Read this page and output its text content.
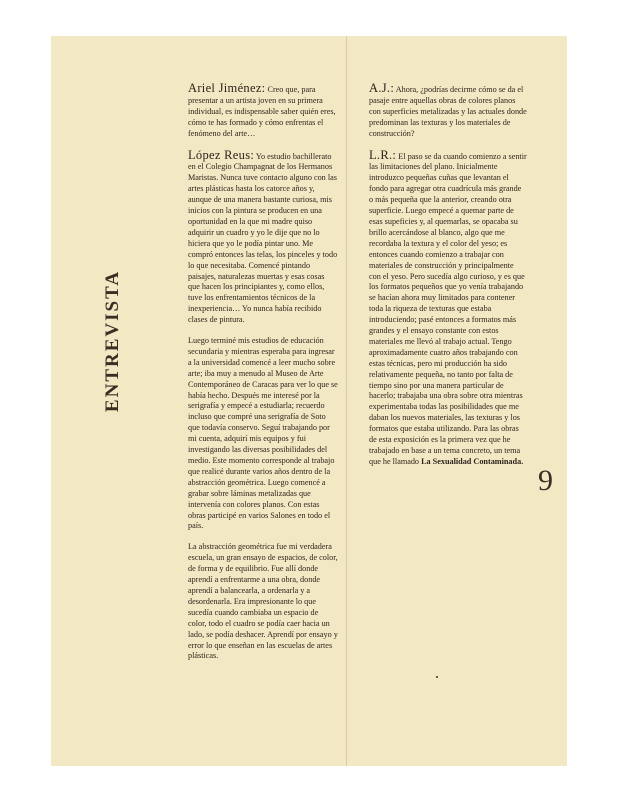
ENTREVISTA

Ariel Jiménez: Creo que, para presentar a un artista joven en su primera individual, es indispensable saber quién eres, cómo te has formado y cómo enfrentas el fenómeno del arte…

López Reus: Yo estudio bachillerato en el Colegio Champagnat de los Hermanos Maristas. Nunca tuve contacto alguno con las artes plásticas hasta los catorce años y, aunque de una manera bastante curiosa, mis inicios con la pintura se producen en una oportunidad en la que mi madre quiso adquirir un cuadro y yo le dije que no lo hiciera que yo le podía pintar uno. Me compró entonces las telas, los pinceles y todo lo que necesitaba. Comencé pintando paisajes, naturalezas muertas y esas cosas que hacen los principiantes y, como ellos, tuve los enfrentamientos técnicos de la inexperiencia… Yo nunca había recibido clases de pintura.

Luego terminé mis estudios de educación secundaria y mientras esperaba para ingresar a la universidad comencé a leer mucho sobre arte; iba muy a menudo al Museo de Arte Contemporáneo de Caracas para ver lo que se había hecho. Después me interesé por la serigrafía y empecé a estudiarla; recuerdo incluso que compré una serigrafía de Soto que todavía conservo. Seguí trabajando por mi cuenta, adquirí mis equipos y fui investigando las diversas posibilidades del medio. Este momento corresponde al trabajo que realicé durante varios años dentro de la abstracción geométrica. Luego comencé a grabar sobre láminas metalizadas que intervenía con colores planos. Con estas obras participé en varios Salones en todo el país.

La abstracción geométrica fue mi verdadera escuela, un gran ensayo de espacios, de color, de forma y de equilibrio. Fue allí donde aprendí a enfrentarme a una obra, donde aprendí a balancearla, a ordenarla y a desordenarla. Era impresionante lo que sucedía cuando cambiaba un espacio de color, todo el cuadro se podía caer hacia un lado, se podía deshacer. Aprendí por ensayo y error lo que enseñan en las escuelas de artes plásticas.

A.J.: Ahora, ¿podrías decirme cómo se da el pasaje entre aquellas obras de colores planos con superficies metalizadas y las actuales donde predominan las texturas y los materiales de construcción?

L.R.: El paso se da cuando comienzo a sentir las limitaciones del plano. Inicialmente introduzco pequeñas cuñas que levantan el fondo para agregar otra cuadrícula más grande o más pequeña que la anterior, creando otra superficie. Luego empecé a quemar parte de esas supeficies y, al quemarlas, se opacaba su brillo acercándose al blanco, algo que me recordaba la textura y el color del yeso; es entonces cuando comienzo a trabajar con materiales de construcción y principalmente con el yeso. Pero sucedía algo curioso, y es que los formatos pequeños que yo venía trabajando se hacían ahora muy limitados para contener toda la riqueza de texturas que estaba introduciendo; pasé entonces a formatos más grandes y el ensayo constante con estos materiales me llevó al trabajo actual. Tengo aproximadamente cuatro años trabajando con estas técnicas, pero mi producción ha sido relativamente pequeña, no tanto por falta de tiempo sino por una manera particular de hacerlo; trabajaba una obra sobre otra mientras experimentaba todas las posibilidades que me daban los nuevos materiales, las texturas y los formatos que estaba utilizando. Para las obras de esta exposición es la primera vez que he trabajado en base a un tema concreto, un tema que he llamado La Sexualidad Contaminada.

9
